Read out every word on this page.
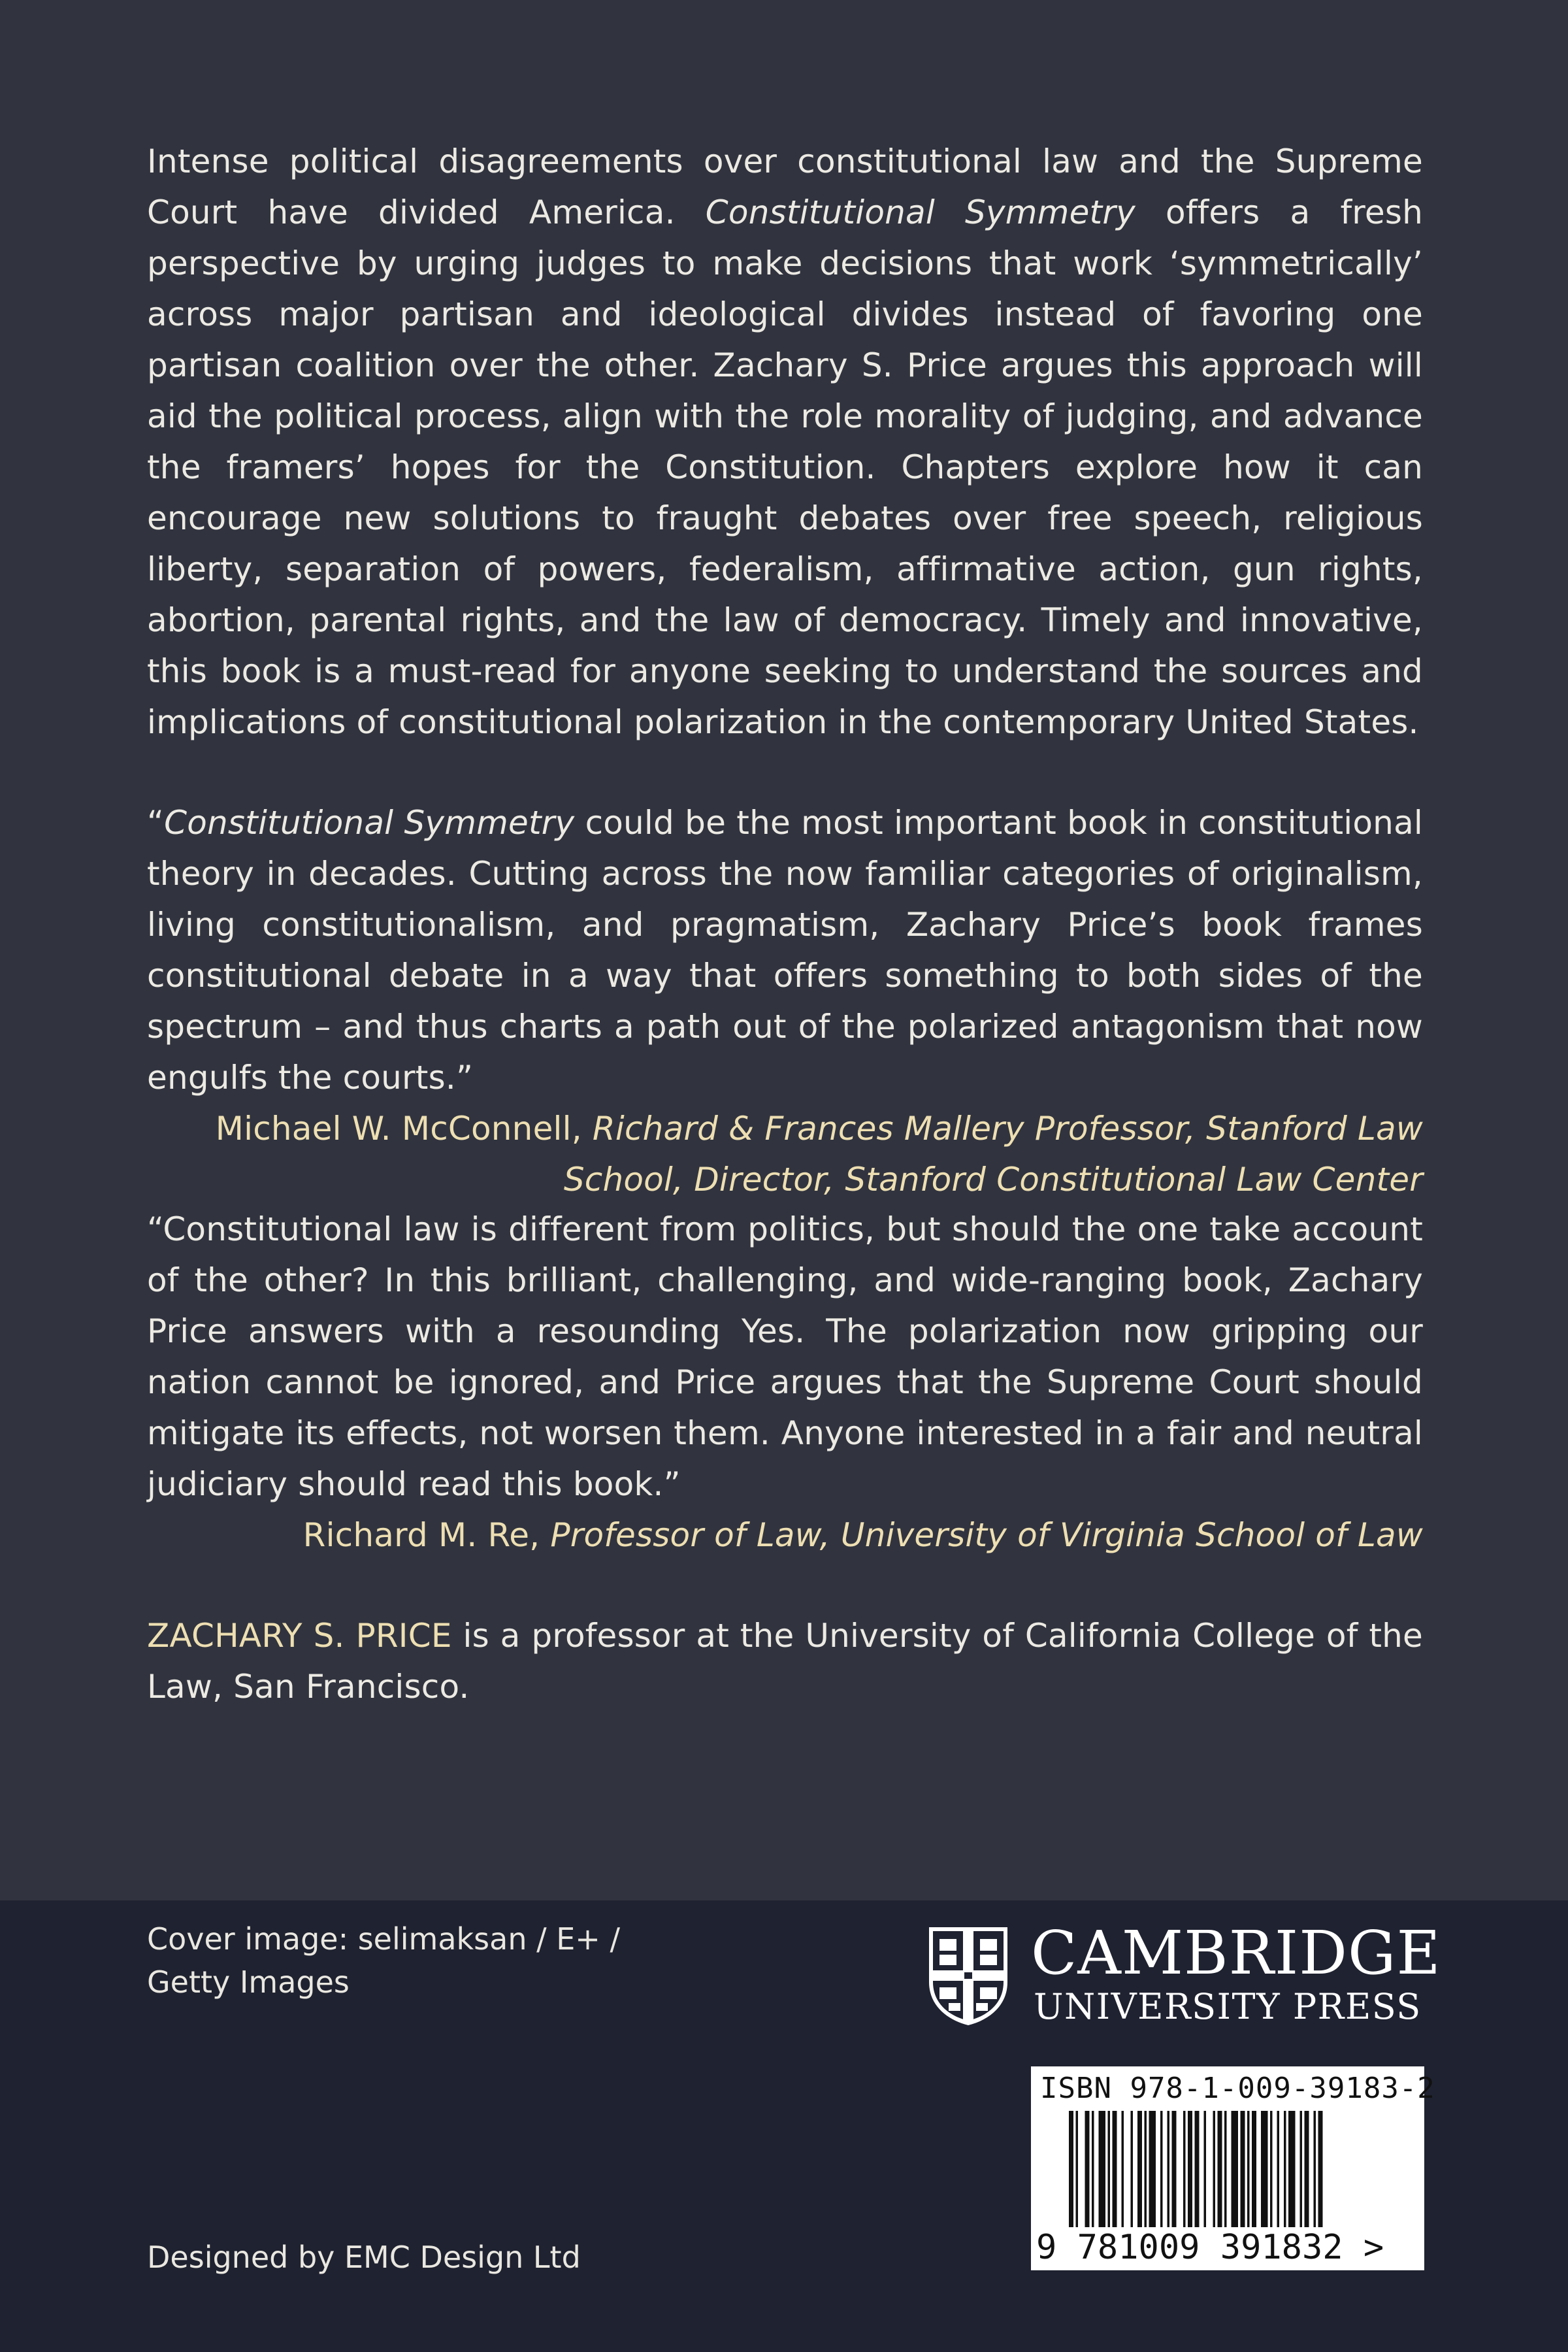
Intense political disagreements over constitutional law and the Supreme Court have divided America. Constitutional Symmetry offers a fresh perspective by urging judges to make decisions that work ‘symmetrically’ across major partisan and ideological divides instead of favoring one partisan coalition over the other. Zachary S. Price argues this approach will aid the political process, align with the role morality of judging, and advance the framers’ hopes for the Constitution. Chapters explore how it can encourage new solutions to fraught debates over free speech, religious liberty, separation of powers, federalism, affirmative action, gun rights, abortion, parental rights, and the law of democracy. Timely and innovative, this book is a must-read for anyone seeking to understand the sources and implications of constitutional polarization in the contemporary United States.

“Constitutional Symmetry could be the most important book in constitutional theory in decades. Cutting across the now familiar categories of originalism, living constitutionalism, and pragmatism, Zachary Price’s book frames constitutional debate in a way that offers something to both sides of the spectrum – and thus charts a path out of the polarized antagonism that now engulfs the courts.”

Michael W. McConnell, Richard & Frances Mallery Professor, Stanford Law School, Director, Stanford Constitutional Law Center

“Constitutional law is different from politics, but should the one take account of the other? In this brilliant, challenging, and wide-ranging book, Zachary Price answers with a resounding Yes. The polarization now gripping our nation cannot be ignored, and Price argues that the Supreme Court should mitigate its effects, not worsen them. Anyone interested in a fair and neutral judiciary should read this book.”

Richard M. Re, Professor of Law, University of Virginia School of Law

ZACHARY S. PRICE is a professor at the University of California College of the Law, San Francisco.

Cover image: selimaksan / E+ / Getty Images
Designed by EMC Design Ltd
CAMBRIDGE
UNIVERSITY PRESS
ISBN 978-1-009-39183-2
9 781009 391832 >
